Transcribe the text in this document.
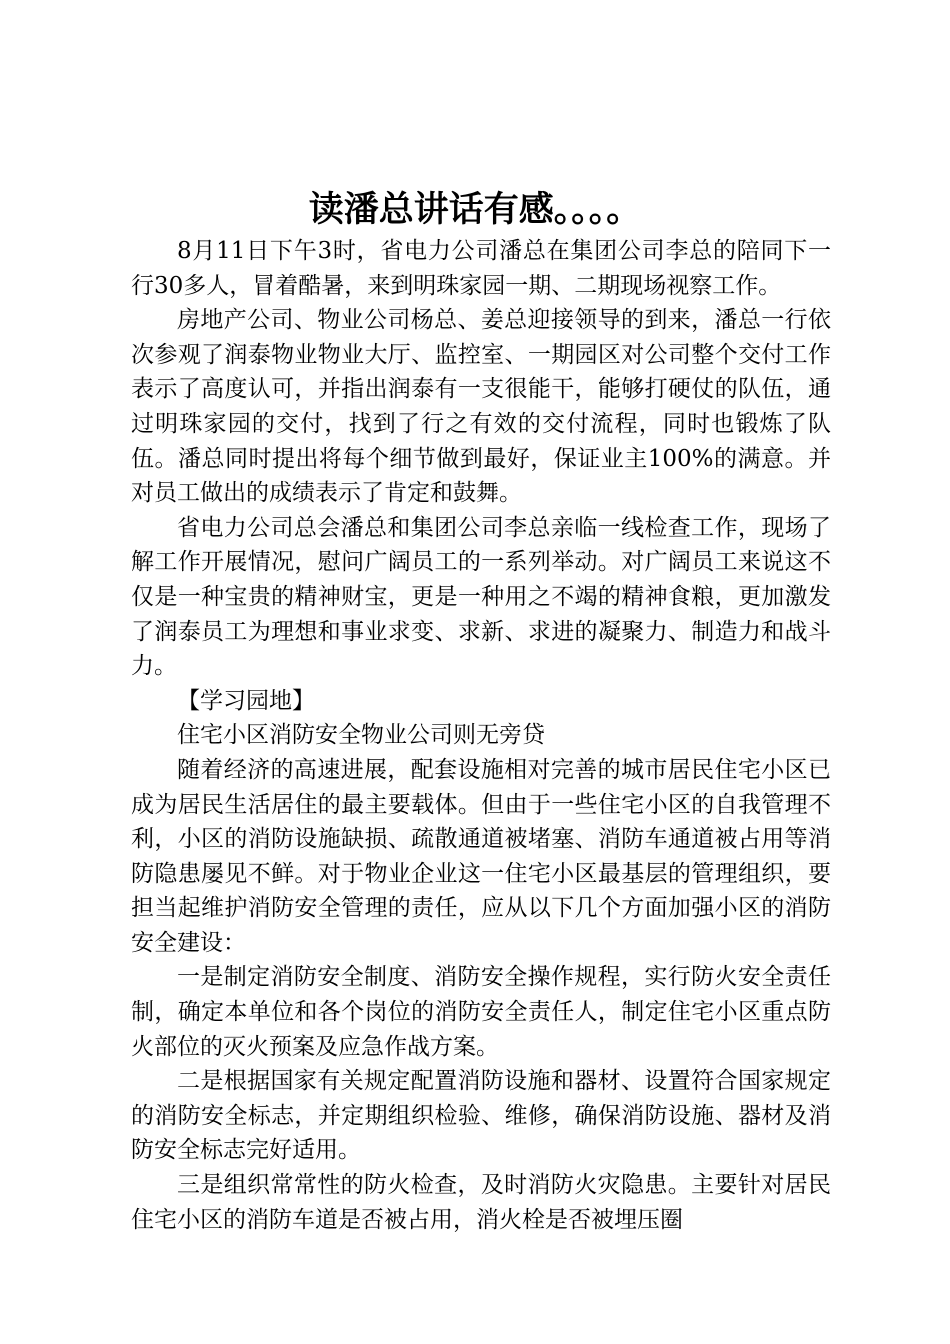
读潘总讲话有感。。。。

8月11日下午3时，省电力公司潘总在集团公司李总的陪同下一行30多人，冒着酷暑，来到明珠家园一期、二期现场视察工作。

房地产公司、物业公司杨总、姜总迎接领导的到来，潘总一行依次参观了润泰物业物业大厅、监控室、一期园区对公司整个交付工作表示了高度认可，并指出润泰有一支很能干，能够打硬仗的队伍，通过明珠家园的交付，找到了行之有效的交付流程，同时也锻炼了队伍。潘总同时提出将每个细节做到最好，保证业主100%的满意。并对员工做出的成绩表示了肯定和鼓舞。

省电力公司总会潘总和集团公司李总亲临一线检查工作，现场了解工作开展情况，慰问广阔员工的一系列举动。对广阔员工来说这不仅是一种宝贵的精神财宝，更是一种用之不竭的精神食粮，更加激发了润泰员工为理想和事业求变、求新、求进的凝聚力、制造力和战斗力。

【学习园地】

住宅小区消防安全物业公司则无旁贷

随着经济的高速进展，配套设施相对完善的城市居民住宅小区已成为居民生活居住的最主要载体。但由于一些住宅小区的自我管理不利，小区的消防设施缺损、疏散通道被堵塞、消防车通道被占用等消防隐患屡见不鲜。对于物业企业这一住宅小区最基层的管理组织，要担当起维护消防安全管理的责任，应从以下几个方面加强小区的消防安全建设：

一是制定消防安全制度、消防安全操作规程，实行防火安全责任制，确定本单位和各个岗位的消防安全责任人，制定住宅小区重点防火部位的灭火预案及应急作战方案。

二是根据国家有关规定配置消防设施和器材、设置符合国家规定的消防安全标志，并定期组织检验、维修，确保消防设施、器材及消防安全标志完好适用。

三是组织常常性的防火检查，及时消防火灾隐患。主要针对居民住宅小区的消防车道是否被占用，消火栓是否被埋压圈
